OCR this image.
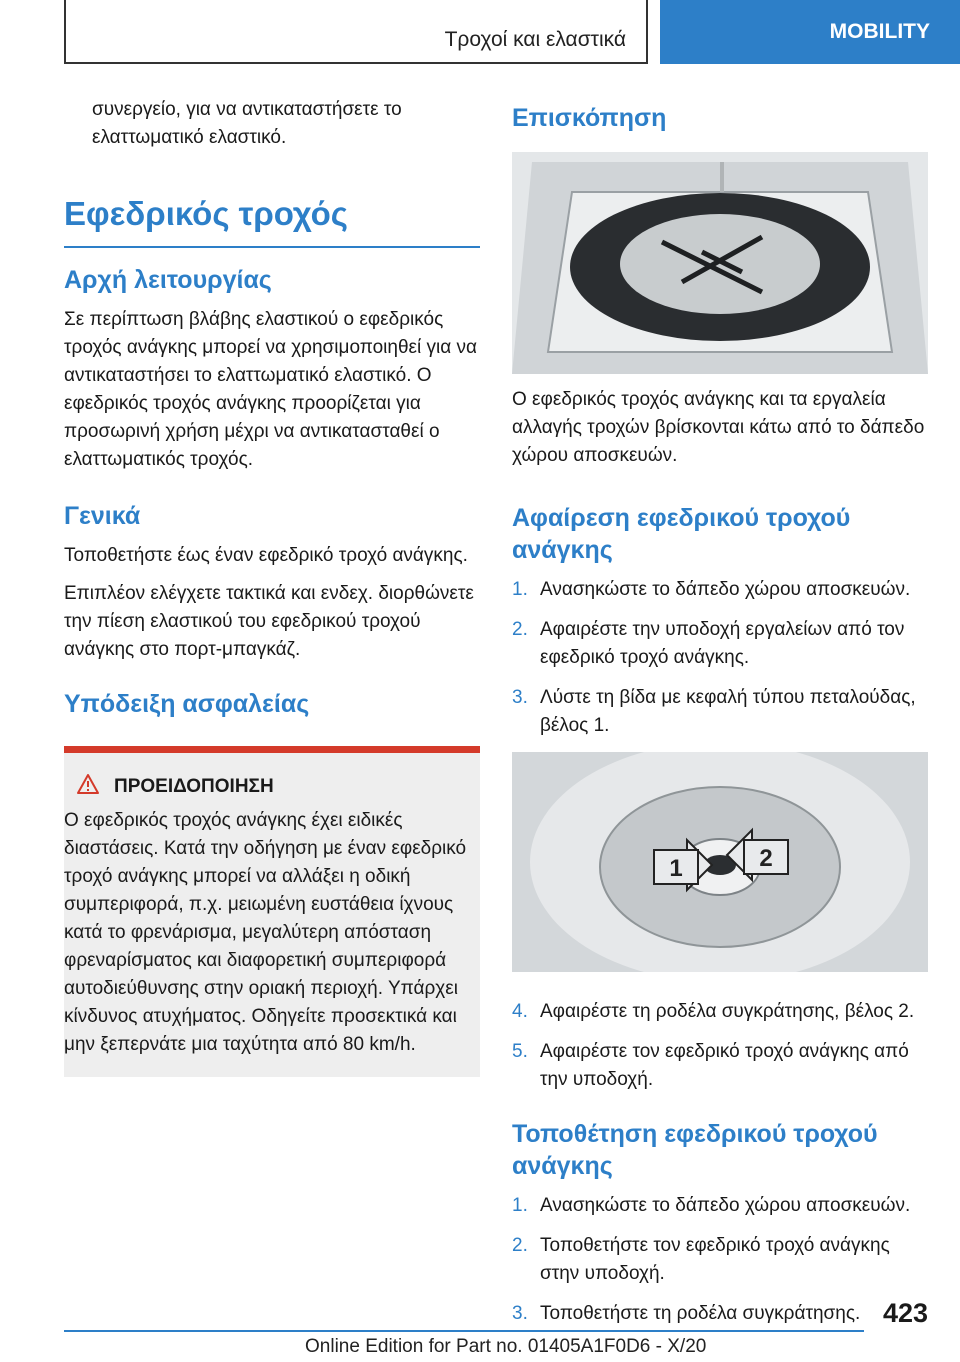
Τροχοί και ελαστικά	MOBILITY

συνεργείο, για να αντικαταστήσετε το ελαττωματικό ελαστικό.

Εφεδρικός τροχός
Αρχή λειτουργίας

Σε περίπτωση βλάβης ελαστικού ο εφεδρικός τροχός ανάγκης μπορεί να χρησιμοποιηθεί για να αντικαταστήσει το ελαττωματικό ελαστικό. Ο εφεδρικός τροχός ανάγκης προορίζεται για προσωρινή χρήση μέχρι να αντικατασταθεί ο ελαττωματικός τροχός.

Γενικά

Τοποθετήστε έως έναν εφεδρικό τροχό ανάγκης.

Επιπλέον ελέγχετε τακτικά και ενδεχ. διορθώνετε την πίεση ελαστικού του εφεδρικού τροχού ανάγκης στο πορτ-μπαγκάζ.

Υπόδειξη ασφαλείας
ΠΡΟΕΙΔΟΠΟΙΗΣΗ
Ο εφεδρικός τροχός ανάγκης έχει ειδικές διαστάσεις. Κατά την οδήγηση με έναν εφεδρικό τροχό ανάγκης μπορεί να αλλάξει η οδική συμπεριφορά, π.χ. μειωμένη ευστάθεια ίχνους κατά το φρενάρισμα, μεγαλύτερη απόσταση φρεναρίσματος και διαφορετική συμπεριφορά αυτοδιεύθυνσης στην οριακή περιοχή. Υπάρχει κίνδυνος ατυχήματος. Οδηγείτε προσεκτικά και μην ξεπερνάτε μια ταχύτητα από 80 km/h.
Επισκόπηση

Ο εφεδρικός τροχός ανάγκης και τα εργαλεία αλλαγής τροχών βρίσκονται κάτω από το δάπεδο χώρου αποσκευών.

Αφαίρεση εφεδρικού τροχού ανάγκης
1. Ανασηκώστε το δάπεδο χώρου αποσκευών.
2. Αφαιρέστε την υποδοχή εργαλείων από τον εφεδρικό τροχό ανάγκης.
3. Λύστε τη βίδα με κεφαλή τύπου πεταλούδας, βέλος 1.
1	2
4. Αφαιρέστε τη ροδέλα συγκράτησης, βέλος 2.
5. Αφαιρέστε τον εφεδρικό τροχό ανάγκης από την υποδοχή.
Τοποθέτηση εφεδρικού τροχού ανάγκης
1. Ανασηκώστε το δάπεδο χώρου αποσκευών.
2. Τοποθετήστε τον εφεδρικό τροχό ανάγκης στην υποδοχή.
3. Τοποθετήστε τη ροδέλα συγκράτησης. 423
Online Edition for Part no. 01405A1F0D6 - X/20
